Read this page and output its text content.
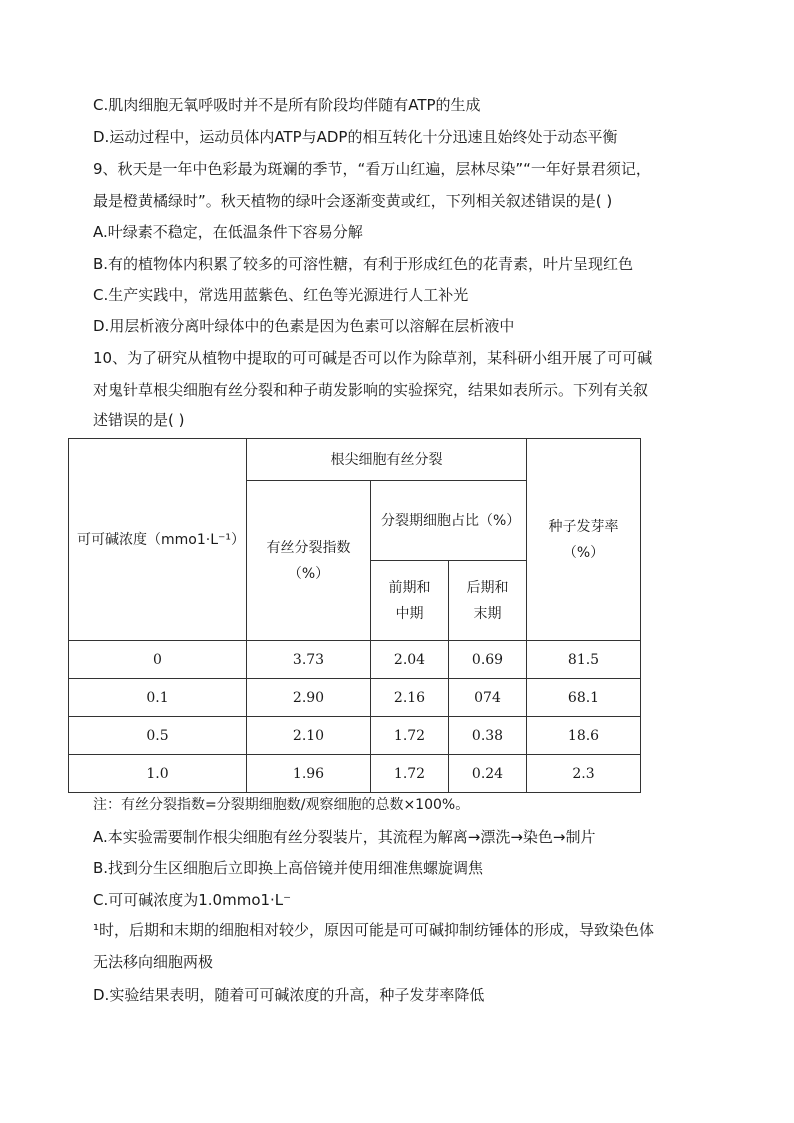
C.肌肉细胞无氧呼吸时并不是所有阶段均伴随有ATP的生成
D.运动过程中，运动员体内ATP与ADP的相互转化十分迅速且始终处于动态平衡
9、秋天是一年中色彩最为斑斓的季节，“看万山红遍，层林尽染”“一年好景君须记，
最是橙黄橘绿时”。秋天植物的绿叶会逐渐变黄或红，下列相关叙述错误的是( )
A.叶绿素不稳定，在低温条件下容易分解
B.有的植物体内积累了较多的可溶性糖，有利于形成红色的花青素，叶片呈现红色
C.生产实践中，常选用蓝紫色、红色等光源进行人工补光
D.用层析液分离叶绿体中的色素是因为色素可以溶解在层析液中
10、为了研究从植物中提取的可可碱是否可以作为除草剂，某科研小组开展了可可碱
对鬼针草根尖细胞有丝分裂和种子萌发影响的实验探究，结果如表所示。下列有关叙
述错误的是( )
可可碱浓度（mmo1·L⁻¹）	根尖细胞有丝分裂			种子发芽率（%）
	有丝分裂指数（%）	分裂期细胞占比（%）		
		前期和中期	后期和末期	
0	3.73	2.04	0.69	81.5
0.1	2.90	2.16	074	68.1
0.5	2.10	1.72	0.38	18.6
1.0	1.96	1.72	0.24	2.3
注：有丝分裂指数=分裂期细胞数/观察细胞的总数×100%。
A.本实验需要制作根尖细胞有丝分裂装片，其流程为解离→漂洗→染色→制片
B.找到分生区细胞后立即换上高倍镜并使用细准焦螺旋调焦
C.可可碱浓度为1.0mmo1·L⁻
¹时，后期和末期的细胞相对较少，原因可能是可可碱抑制纺锤体的形成，导致染色体
无法移向细胞两极
D.实验结果表明，随着可可碱浓度的升高，种子发芽率降低
